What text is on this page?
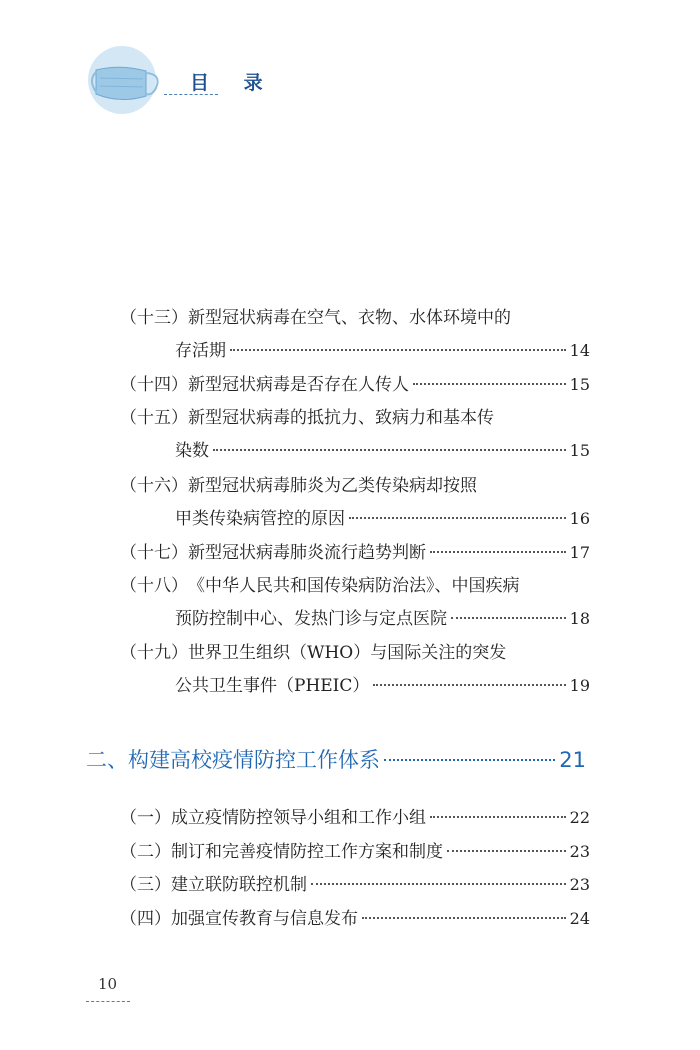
目 录
（十三） 新型冠状病毒在空气、衣物、水体环境中的
存活期	14
（十四） 新型冠状病毒是否存在人传人	15
（十五） 新型冠状病毒的抵抗力、致病力和基本传
染数	15
（十六） 新型冠状病毒肺炎为乙类传染病却按照
甲类传染病管控的原因	16
（十七） 新型冠状病毒肺炎流行趋势判断	17
（十八） 《中华人民共和国传染病防治法》、中国疾病
预防控制中心、发热门诊与定点医院	18
（十九） 世界卫生组织（WHO）与国际关注的突发
公共卫生事件（PHEIC）	19
二、构建高校疫情防控工作体系	21
（一） 成立疫情防控领导小组和工作小组	22
（二） 制订和完善疫情防控工作方案和制度	23
（三） 建立联防联控机制	23
（四） 加强宣传教育与信息发布	24
10
